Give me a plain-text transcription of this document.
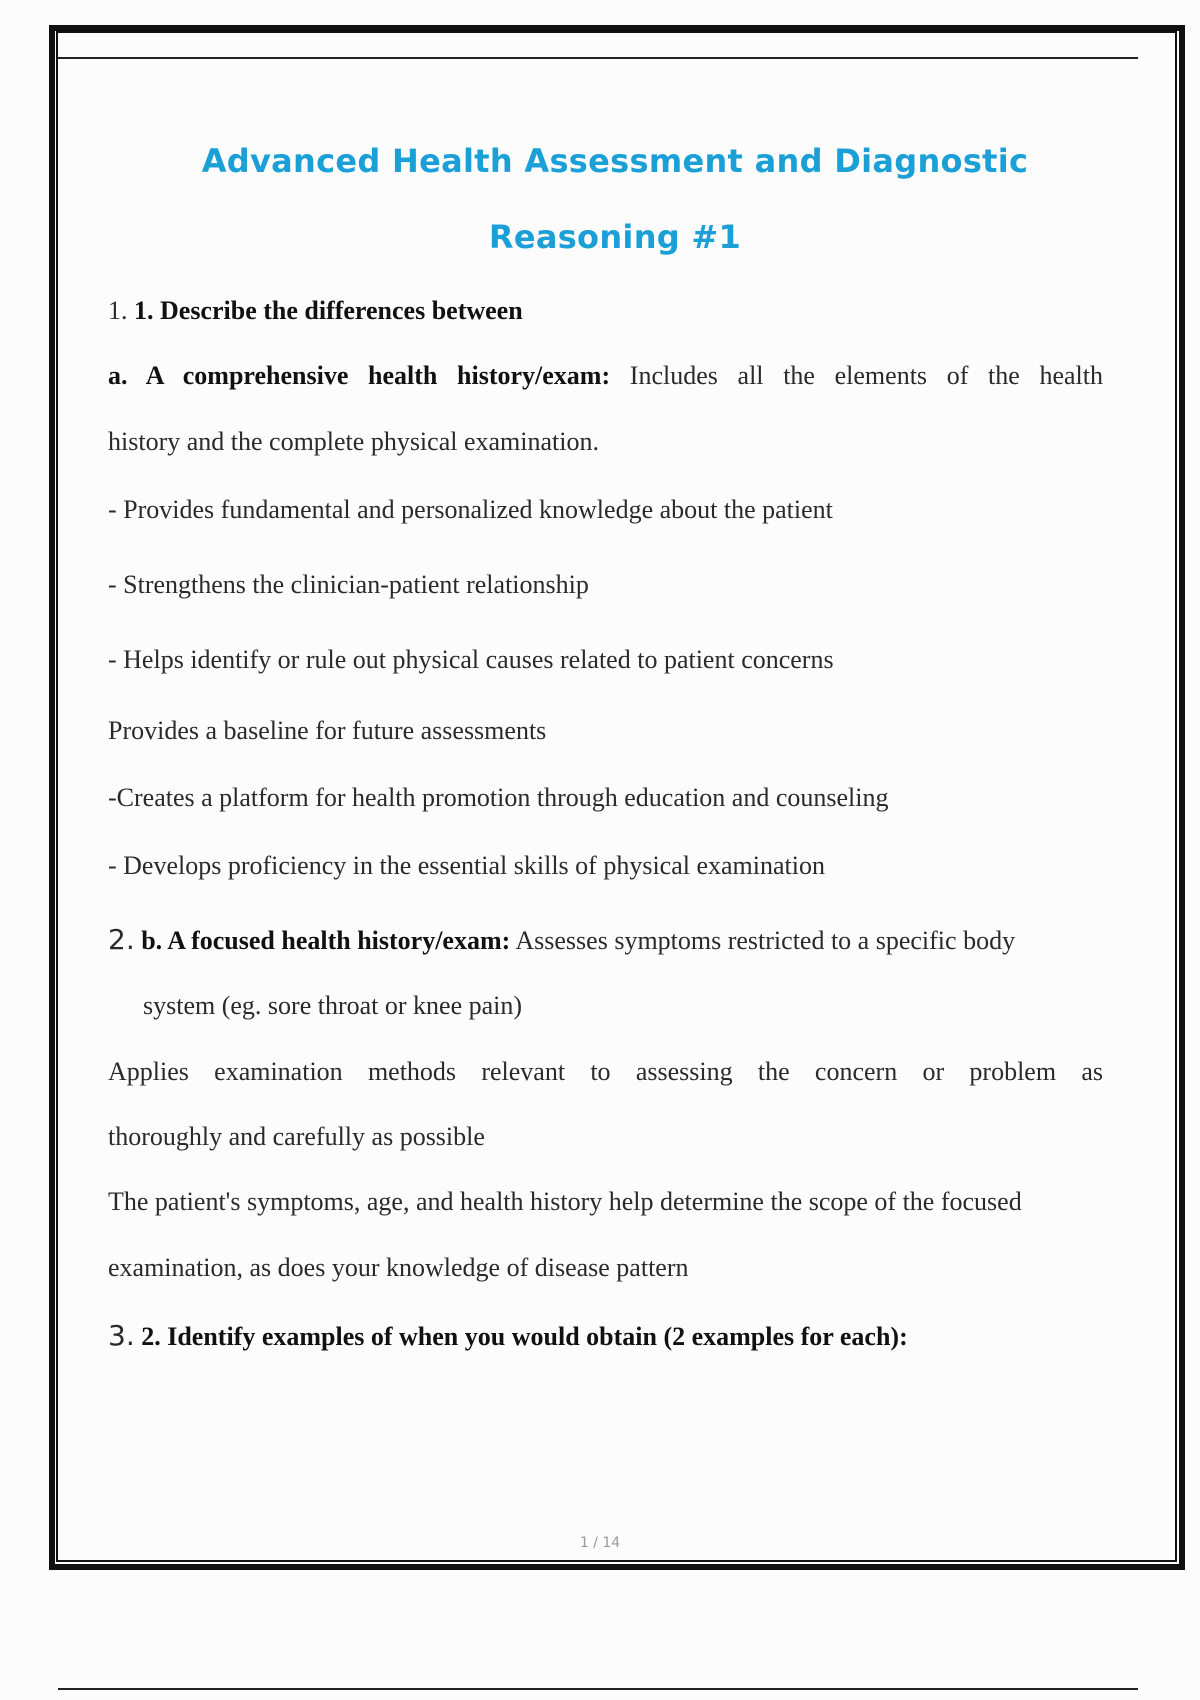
Advanced Health Assessment and Diagnostic
Reasoning #1
1. 1. Describe the differences between
a. A comprehensive health history/exam: Includes all the elements of the health
history and the complete physical examination.
- Provides fundamental and personalized knowledge about the patient
- Strengthens the clinician-patient relationship
- Helps identify or rule out physical causes related to patient concerns
Provides a baseline for future assessments
-Creates a platform for health promotion through education and counseling
- Develops proficiency in the essential skills of physical examination
2. b. A focused health history/exam: Assesses symptoms restricted to a specific body
system (eg. sore throat or knee pain)
Applies examination methods relevant to assessing the concern or problem as
thoroughly and carefully as possible
The patient's symptoms, age, and health history help determine the scope of the focused
examination, as does your knowledge of disease pattern
3. 2. Identify examples of when you would obtain (2 examples for each):
1 / 14
